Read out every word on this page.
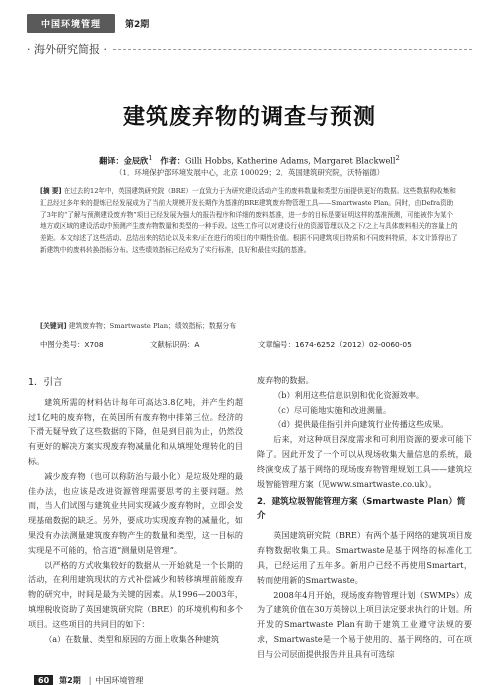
中国环境管理	第2期
· 海外研究简报 ·
建筑废弃物的调查与预测
翻译：金辰欣$^1$ 作者：Gilli Hobbs, Katherine Adams, Margaret Blackwell$^2$
（1．环境保护部环境发展中心，北京 100029；2．英国建筑研究院，沃特福德）
[摘 要] 在过去的12年中，英国建筑研究院（BRE）一直致力于为研究建设活动产生的废料数量和类型方面提供更好的数据。这些数据构收集和汇总经过多年来的提炼已经发展成为了当前大规模开发长期作为基准的BRE建筑废弃物管理工具——Smartwaste Plan。同时，由Defra资助了3年的“了解与预测建设废弃物”项目已经发展为强大的报告程序和详细的废料基准，进一步的目标是要证明这样的基准预测，可能被作为某个地方或区域的建设活动中预测产生废弃物数量和类型的一种手段。这些工作可以对建设行业的资源管理以及之下/之上与具体废料相关的容量上的差距。本文综述了这些活动、总结出来的结论以及未来/正在进行的项目的中期性价值。根据不同建筑项目特质和不同废料特质，本文计算得出了新建筑中的废料转换指标分布。这些绩效指标已经成为了实行标准，良好和最佳实践的基准。
[关键词] 建筑废弃物；Smartwaste Plan；绩效指标；数据分布
中图分类号：X708	文献标识码：A	文章编号：1674-6252（2012）02-0060-05
1．引言

建筑所需的材料估计每年可高达3.8亿吨，并产生约超过1亿吨的废弃物，在英国所有废弃物中排第三位。经济的下滑无疑导致了这些数据的下降，但是到目前为止，仍然没有更好的解决方案实现废弃物减量化和从填埋处理转化的目标。

减少废弃物（也可以称防治与最小化）是垃圾处理的最佳办法，也应该是改进资源管理需要思考的主要问题。然而，当人们试图与建筑业共同实现减少废弃物时，立即会发现基础数据的缺乏。另外，要成功实现废弃物的减量化，如果没有办法测量建筑废弃物产生的数量和类型，这一目标的实现是不可能的，恰言道“测量则是管理”。

以严格的方式收集较好的数据从一开始就是一个长期的活动，在利用建筑现状的方式补偿减少和转移填埋前能废弃物的研究中，时间是最为关键的因素。从1996—2003年，填埋税收资助了英国建筑研究院（BRE）的环境机构和多个项目。这些项目的共同目的如下：

（a）在数量、类型和原因的方面上收集各种建筑

废弃物的数据。

（b）利用这些信息识别和优化资源效率。

（c）尽可能地实施和改进测量。

（d）提供最佳指引并向建筑行业传播这些成果。

后来，对这种项目深度需求和可利用资源的要求可能下降了。因此开发了一个可以从现场收集大量信息的系统，最终演变成了基于网络的现场废弃物管理规划工具——建筑垃圾智能管理方案（见www.smartwaste.co.uk）。

2．建筑垃圾智能管理方案（Smartwaste Plan）简介

英国建筑研究院（BRE）有两个基于网络的建筑项目废弃物数据收集工具。Smartwaste是基于网络的标准化工具，已经运用了五年多。新用户已经不再使用Smartart，转而使用新的Smartwaste。

2008年4月开始，现场废弃物管理计划（SWMPs）成为了建筑价值在30万英镑以上项目法定要求执行的计划。所开发的Smartwaste Plan有助于建筑工业遵守法规的要求，Smartwaste是一个易于使用的、基于网络的、可在项目与公司层面提供报告并且具有可选综

60	第2期 | 中国环境管理
